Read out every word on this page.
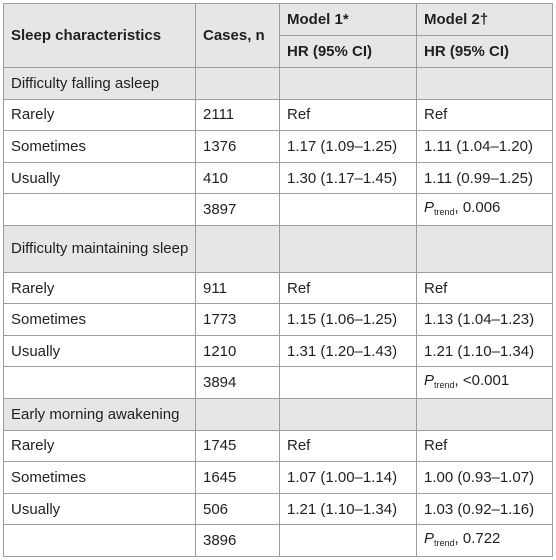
Sleep characteristics	Cases, n	Model 1*	Model 2†
		HR (95% CI)	HR (95% CI)
Difficulty falling asleep			
Rarely	2111	Ref	Ref
Sometimes	1376	1.17 (1.09–1.25)	1.11 (1.04–1.20)
Usually	410	1.30 (1.17–1.45)	1.11 (0.99–1.25)
	3897		$P_{trend}$, 0.006
Difficulty maintaining sleep			
Rarely	911	Ref	Ref
Sometimes	1773	1.15 (1.06–1.25)	1.13 (1.04–1.23)
Usually	1210	1.31 (1.20–1.43)	1.21 (1.10–1.34)
	3894		$P_{trend}$, <0.001
Early morning awakening			
Rarely	1745	Ref	Ref
Sometimes	1645	1.07 (1.00–1.14)	1.00 (0.93–1.07)
Usually	506	1.21 (1.10–1.34)	1.03 (0.92–1.16)
	3896		$P_{trend}$, 0.722
